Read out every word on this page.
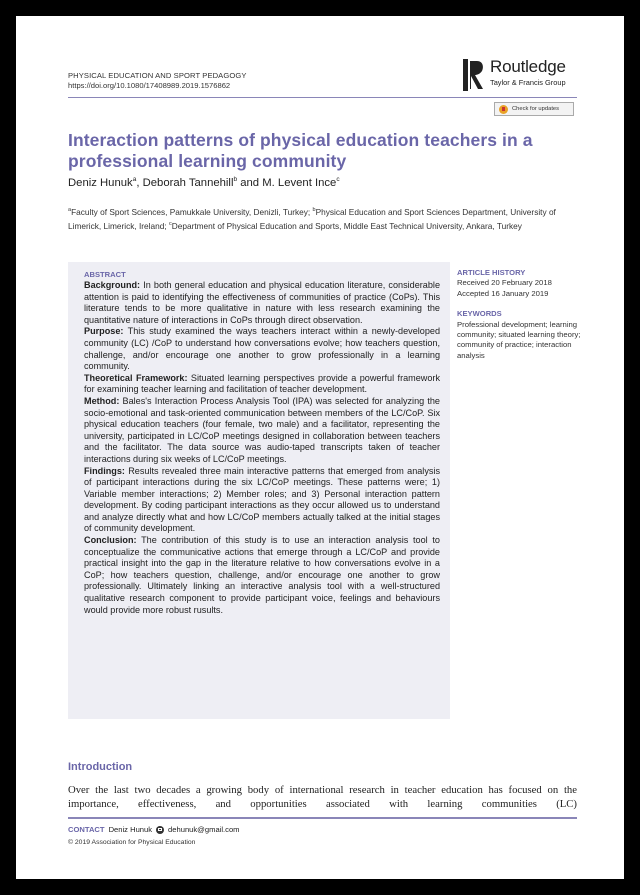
PHYSICAL EDUCATION AND SPORT PEDAGOGY
https://doi.org/10.1080/17408989.2019.1576862
Routledge
Taylor & Francis Group
Check for updates
Interaction patterns of physical education teachers in a professional learning community
Deniz Hunuk$^a$, Deborah Tannehill$^b$ and M. Levent Ince$^c$
$^a$Faculty of Sport Sciences, Pamukkale University, Denizli, Turkey; $^b$Physical Education and Sport Sciences Department, University of Limerick, Limerick, Ireland; $^c$Department of Physical Education and Sports, Middle East Technical University, Ankara, Turkey
ABSTRACT
Background: In both general education and physical education literature, considerable attention is paid to identifying the effectiveness of communities of practice (CoPs). This literature tends to be more qualitative in nature with less research examining the quantitative nature of interactions in CoPs through direct observation.
Purpose: This study examined the ways teachers interact within a newly-developed community (LC) /CoP to understand how conversations evolve; how teachers question, challenge, and/or encourage one another to grow professionally in a learning community.
Theoretical Framework: Situated learning perspectives provide a powerful framework for examining teacher learning and facilitation of teacher development.
Method: Bales's Interaction Process Analysis Tool (IPA) was selected for analyzing the socio-emotional and task-oriented communication between members of the LC/CoP. Six physical education teachers (four female, two male) and a facilitator, representing the university, participated in LC/CoP meetings designed in collaboration between teachers and the facilitator. The data source was audio-taped transcripts taken of teacher interactions during six weeks of LC/CoP meetings.
Findings: Results revealed three main interactive patterns that emerged from analysis of participant interactions during the six LC/CoP meetings. These patterns were; 1) Variable member interactions; 2) Member roles; and 3) Personal interaction pattern development. By coding participant interactions as they occur allowed us to understand and analyze directly what and how LC/CoP members actually talked at the initial stages of community development.
Conclusion: The contribution of this study is to use an interaction analysis tool to conceptualize the communicative actions that emerge through a LC/CoP and provide practical insight into the gap in the literature relative to how conversations evolve in a CoP; how teachers question, challenge, and/or encourage one another to grow professionally. Ultimately linking an interactive analysis tool with a well-structured qualitative research component to provide participant voice, feelings and behaviours would provide more robust rusults.
ARTICLE HISTORY
Received 20 February 2018
Accepted 16 January 2019
KEYWORDS
Professional development; learning community; situated learning theory; community of practice; interaction analysis
Introduction
Over the last two decades a growing body of international research in teacher education has focused on the importance, effectiveness, and opportunities associated with learning communities (LC)
CONTACT Deniz Hunuk dehunuk@gmail.com
© 2019 Association for Physical Education
